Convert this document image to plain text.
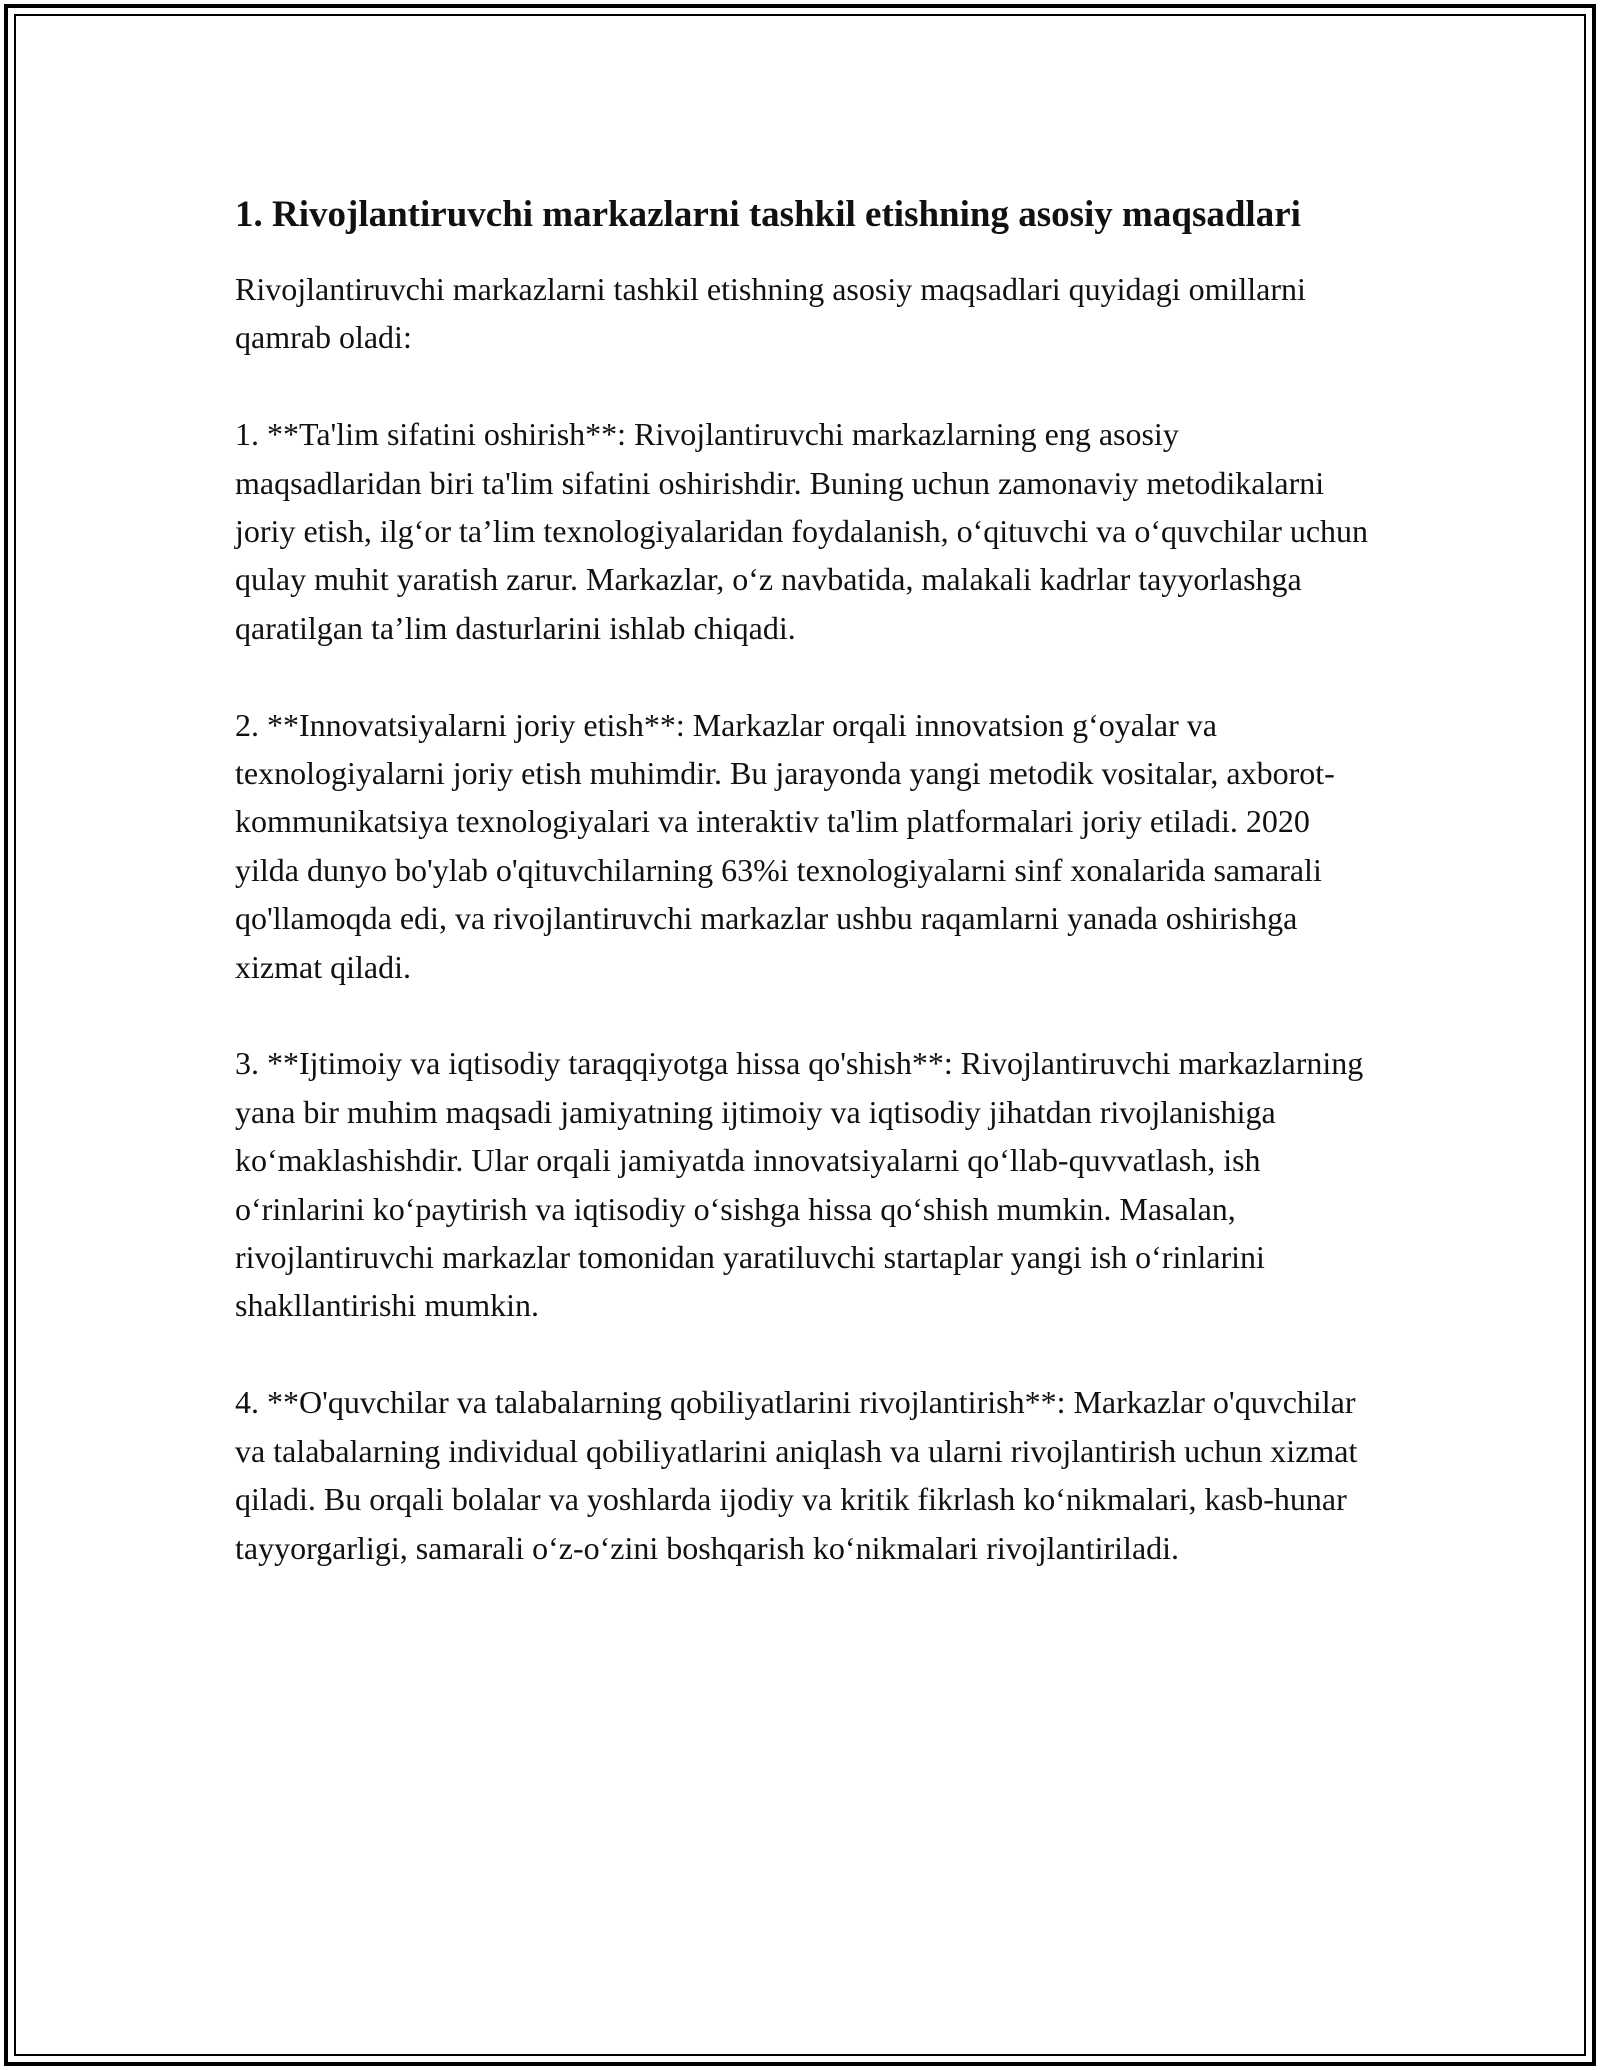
1. Rivojlantiruvchi markazlarni tashkil etishning asosiy maqsadlari
Rivojlantiruvchi markazlarni tashkil etishning asosiy maqsadlari quyidagi omillarni qamrab oladi:
1. **Ta'lim sifatini oshirish**: Rivojlantiruvchi markazlarning eng asosiy maqsadlaridan biri ta'lim sifatini oshirishdir. Buning uchun zamonaviy metodikalarni joriy etish, ilg‘or ta’lim texnologiyalaridan foydalanish, o‘qituvchi va o‘quvchilar uchun qulay muhit yaratish zarur. Markazlar, o‘z navbatida, malakali kadrlar tayyorlashga qaratilgan ta’lim dasturlarini ishlab chiqadi.
2. **Innovatsiyalarni joriy etish**: Markazlar orqali innovatsion g‘oyalar va texnologiyalarni joriy etish muhimdir. Bu jarayonda yangi metodik vositalar, axborot-kommunikatsiya texnologiyalari va interaktiv ta'lim platformalari joriy etiladi. 2020 yilda dunyo bo'ylab o'qituvchilarning 63%i texnologiyalarni sinf xonalarida samarali qo'llamoqda edi, va rivojlantiruvchi markazlar ushbu raqamlarni yanada oshirishga xizmat qiladi.
3. **Ijtimoiy va iqtisodiy taraqqiyotga hissa qo'shish**: Rivojlantiruvchi markazlarning yana bir muhim maqsadi jamiyatning ijtimoiy va iqtisodiy jihatdan rivojlanishiga ko‘maklashishdir. Ular orqali jamiyatda innovatsiyalarni qo‘llab-quvvatlash, ish o‘rinlarini ko‘paytirish va iqtisodiy o‘sishga hissa qo‘shish mumkin. Masalan, rivojlantiruvchi markazlar tomonidan yaratiluvchi startaplar yangi ish o‘rinlarini shakllantirishi mumkin.
4. **O'quvchilar va talabalarning qobiliyatlarini rivojlantirish**: Markazlar o'quvchilar va talabalarning individual qobiliyatlarini aniqlash va ularni rivojlantirish uchun xizmat qiladi. Bu orqali bolalar va yoshlarda ijodiy va kritik fikrlash ko‘nikmalari, kasb-hunar tayyorgarligi, samarali o‘z-o‘zini boshqarish ko‘nikmalari rivojlantiriladi.
